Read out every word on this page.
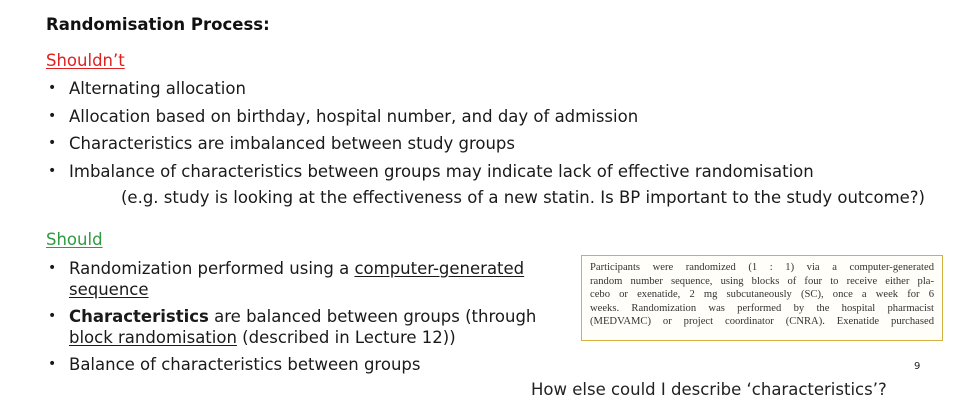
Randomisation Process:
Shouldn’t
• Alternating allocation
• Allocation based on birthday, hospital number, and day of admission
• Characteristics are imbalanced between study groups
• Imbalance of characteristics between groups may indicate lack of effective randomisation
(e.g. study is looking at the effectiveness of a new statin. Is BP important to the study outcome?)
Should
• Randomization performed using a computer-generated sequence
• Characteristics are balanced between groups (through block randomisation (described in Lecture 12))
• Balance of characteristics between groups

Participants were randomized (1 : 1) via a computer-generated

random number sequence, using blocks of four to receive either pla-

cebo or exenatide, 2 mg subcutaneously (SC), once a week for 6

weeks. Randomization was performed by the hospital pharmacist

(MEDVAMC) or project coordinator (CNRA). Exenatide purchased

9
How else could I describe ‘characteristics’?
